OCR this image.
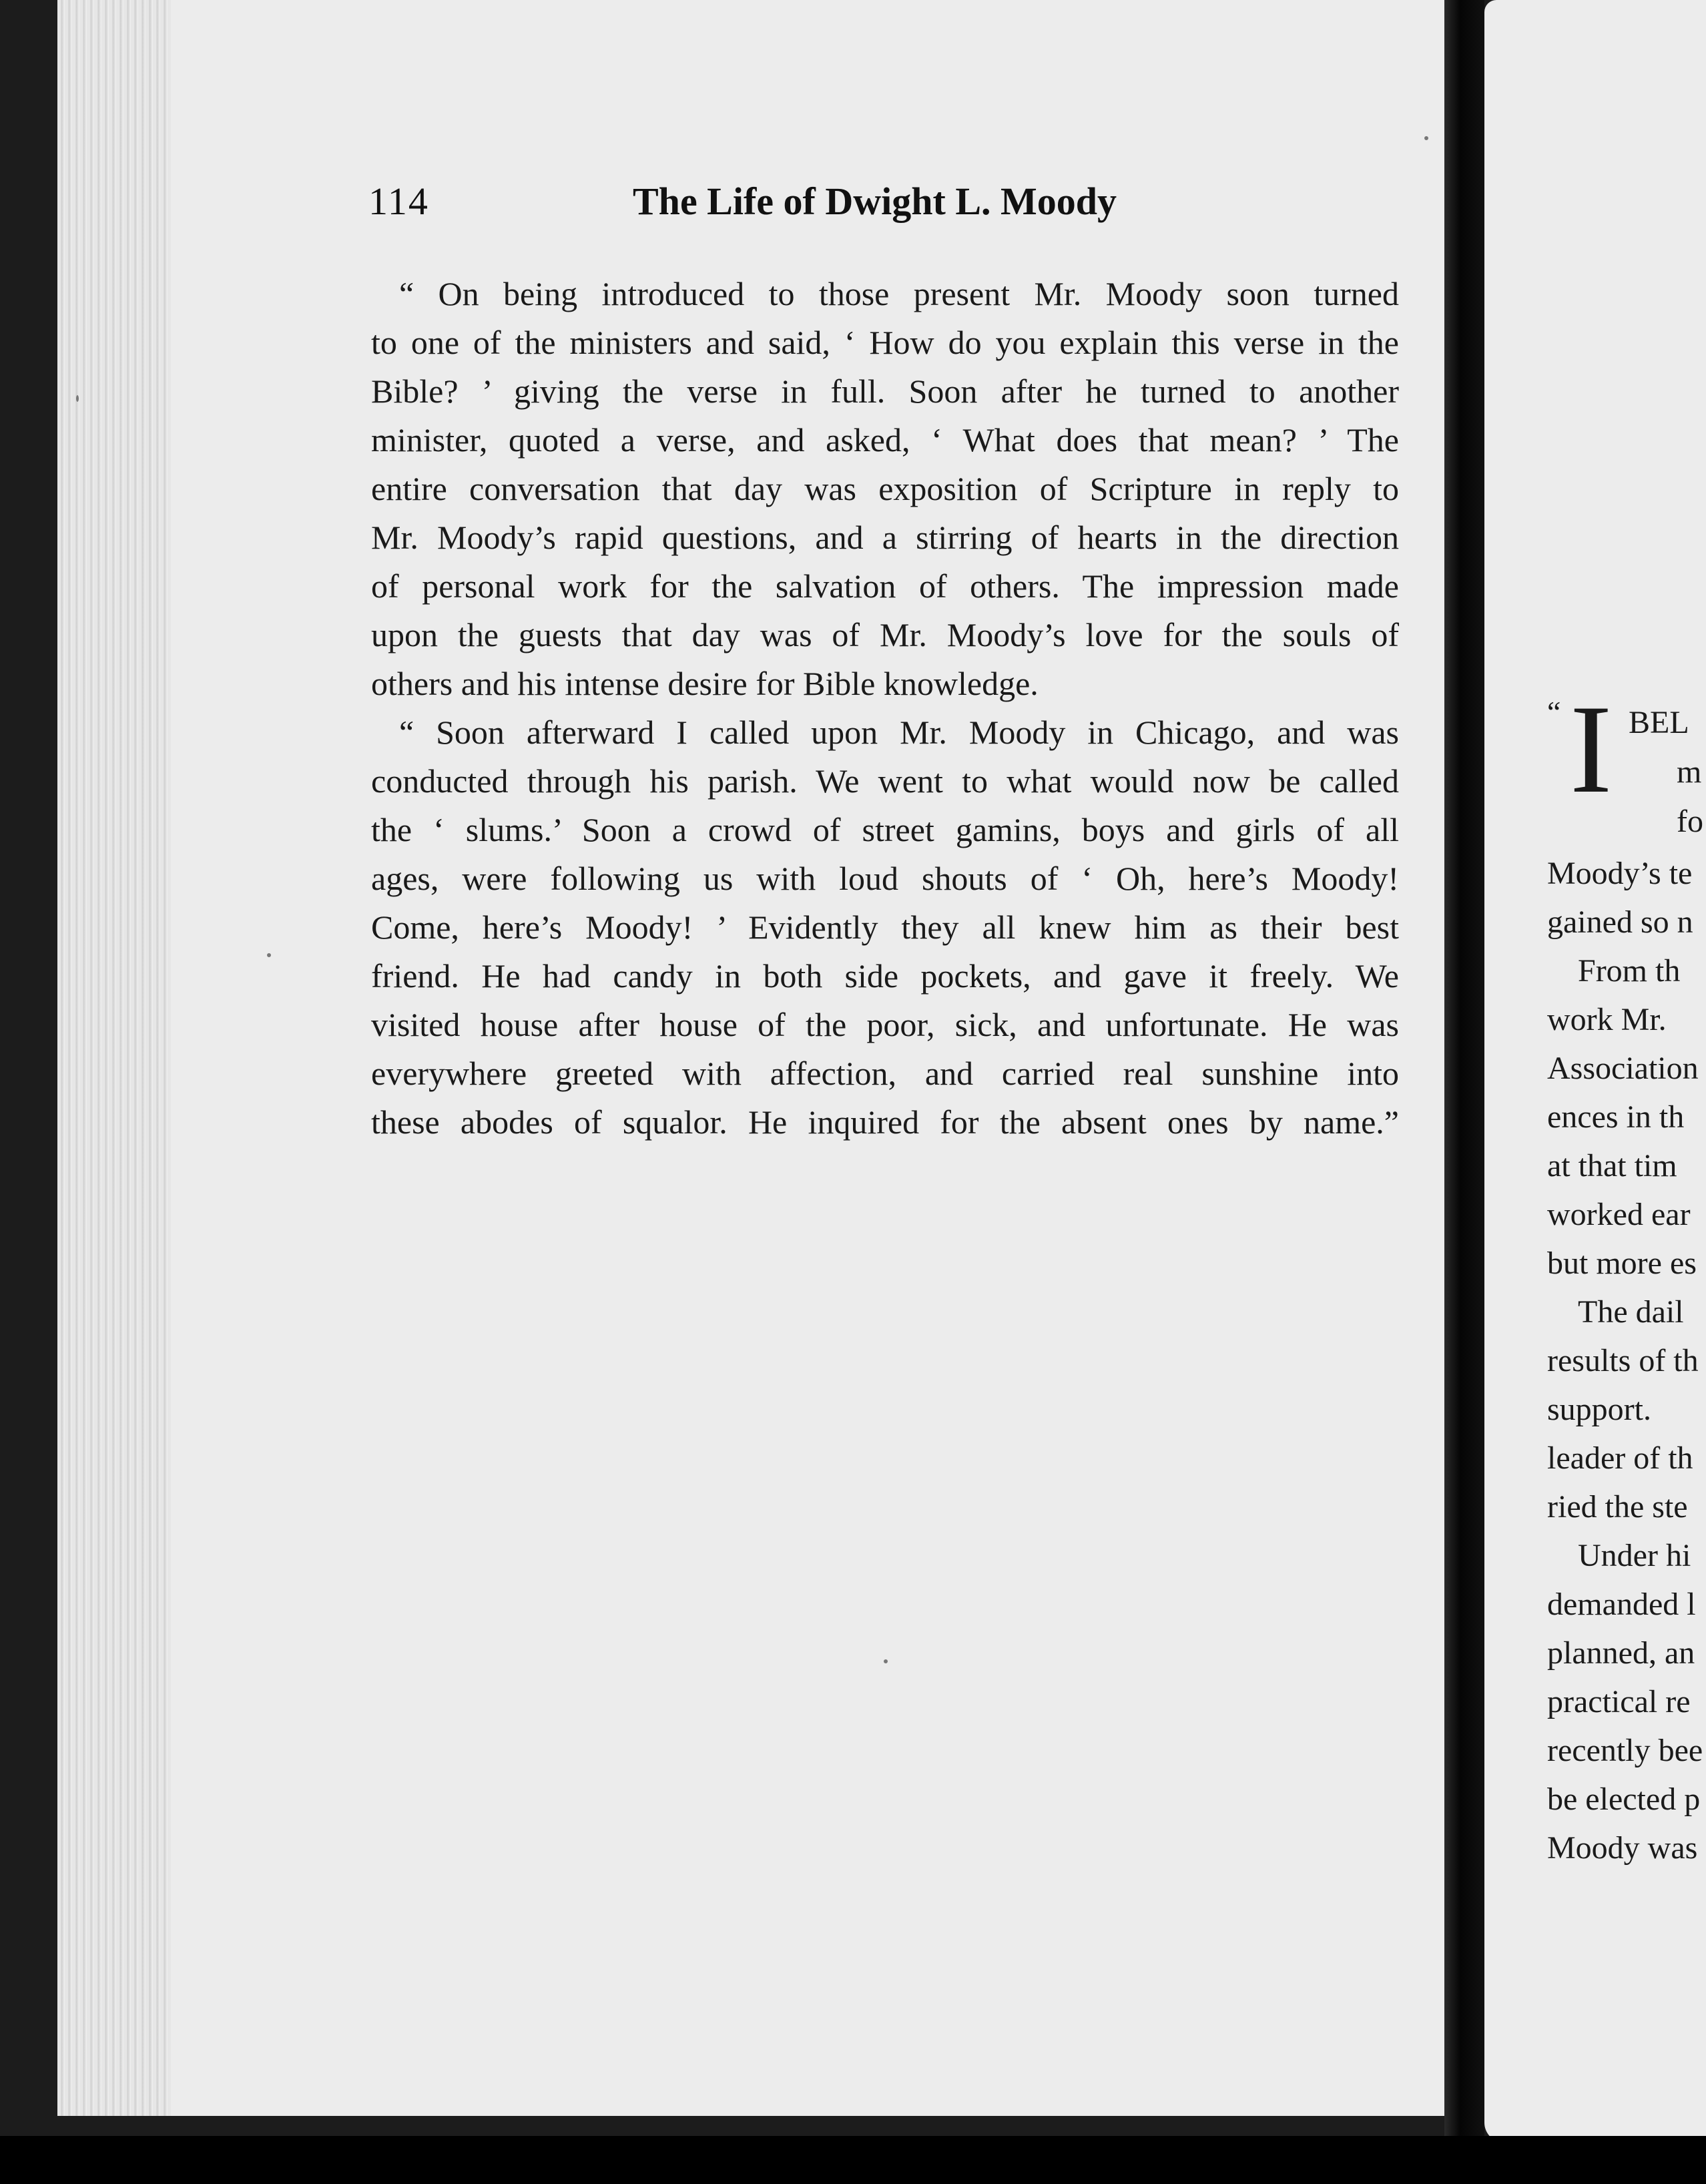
114	The Life of Dwight L. Moody
“ On being introduced to those present Mr. Moody soon turned
to one of the ministers and said, ‘ How do you explain this verse in the
Bible? ’ giving the verse in full. Soon after he turned to another
minister, quoted a verse, and asked, ‘ What does that mean? ’ The
entire conversation that day was exposition of Scripture in reply to
Mr. Moody’s rapid questions, and a stirring of hearts in the direction
of personal work for the salvation of others. The impression made
upon the guests that day was of Mr. Moody’s love for the souls of
others and his intense desire for Bible knowledge.
“ Soon afterward I called upon Mr. Moody in Chicago, and was
conducted through his parish. We went to what would now be called
the ‘ slums.’ Soon a crowd of street gamins, boys and girls of all
ages, were following us with loud shouts of ‘ Oh, here’s Moody!
Come, here’s Moody! ’ Evidently they all knew him as their best
friend. He had candy in both side pockets, and gave it freely. We
visited house after house of the poor, sick, and unfortunate. He was
everywhere greeted with affection, and carried real sunshine into
these abodes of squalor. He inquired for the absent ones by name.”
“ I BEL
m
fo
Moody’s te
gained so n
From th
work Mr.
Association
ences in th
at that tim
worked ear
but more es
The dail
results of th
support.
leader of th
ried the ste
Under hi
demanded l
planned, an
practical re
recently bee
be elected p
Moody was
